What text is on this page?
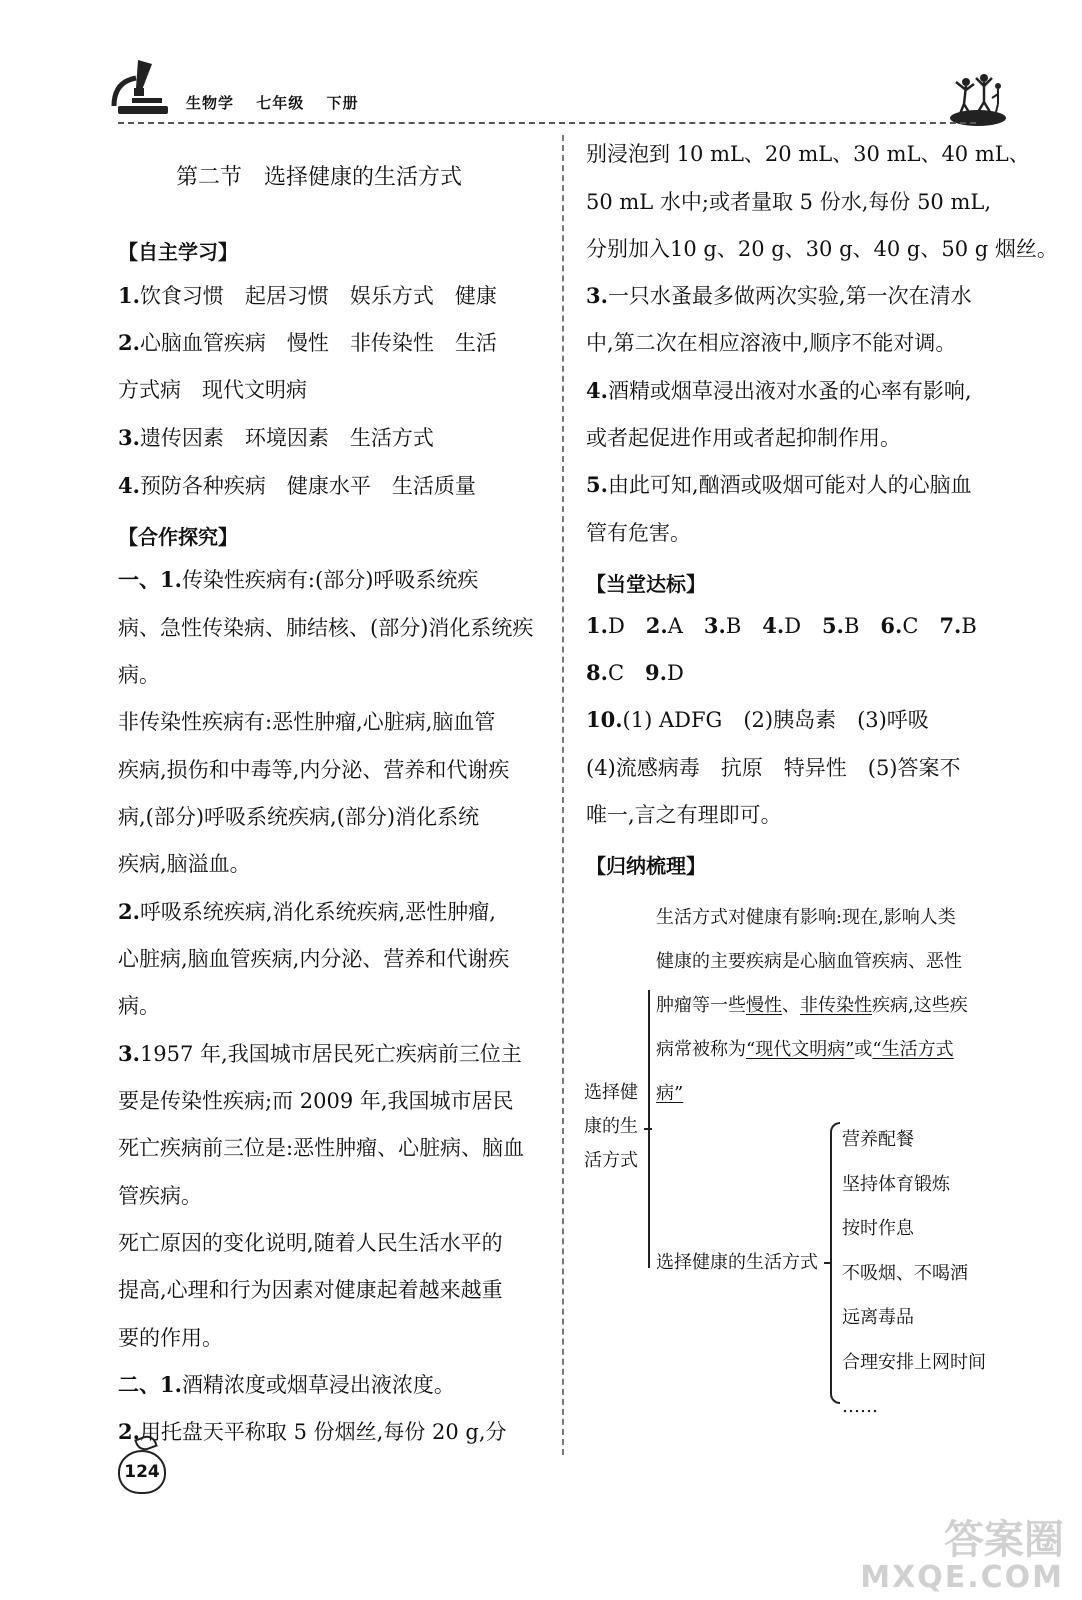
生物学 七年级 下册
第二节　选择健康的生活方式
【自主学习】
1.饮食习惯　起居习惯　娱乐方式　健康
2.心脑血管疾病　慢性　非传染性　生活
方式病　现代文明病
3.遗传因素　环境因素　生活方式
4.预防各种疾病　健康水平　生活质量
【合作探究】
一、1.传染性疾病有:(部分)呼吸系统疾
病、急性传染病、肺结核、(部分)消化系统疾
病。
非传染性疾病有:恶性肿瘤,心脏病,脑血管
疾病,损伤和中毒等,内分泌、营养和代谢疾
病,(部分)呼吸系统疾病,(部分)消化系统
疾病,脑溢血。
2.呼吸系统疾病,消化系统疾病,恶性肿瘤,
心脏病,脑血管疾病,内分泌、营养和代谢疾
病。
3.1957 年,我国城市居民死亡疾病前三位主
要是传染性疾病;而 2009 年,我国城市居民
死亡疾病前三位是:恶性肿瘤、心脏病、脑血
管疾病。
死亡原因的变化说明,随着人民生活水平的
提高,心理和行为因素对健康起着越来越重
要的作用。
二、1.酒精浓度或烟草浸出液浓度。
2.用托盘天平称取 5 份烟丝,每份 20 g,分
别浸泡到 10 mL、20 mL、30 mL、40 mL、
50 mL 水中;或者量取 5 份水,每份 50 mL,
分别加入10 g、20 g、30 g、40 g、50 g 烟丝。
3.一只水蚤最多做两次实验,第一次在清水
中,第二次在相应溶液中,顺序不能对调。
4.酒精或烟草浸出液对水蚤的心率有影响,
或者起促进作用或者起抑制作用。
5.由此可知,酗酒或吸烟可能对人的心脑血
管有危害。
【当堂达标】
1.D　 2.A　 3.B　 4.D　 5.B　 6.C　 7.B
8.C　 9.D
10.(1) ADFG　(2)胰岛素　(3)呼吸
(4)流感病毒　抗原　特异性　(5)答案不
唯一,言之有理即可。
【归纳梳理】
选择健
康的生
活方式
生活方式对健康有影响:现在,影响人类
健康的主要疾病是心脑血管疾病、恶性
肿瘤等一些慢性、非传染性疾病,这些疾
病常被称为“现代文明病”或“生活方式
病”
选择健康的生活方式
营养配餐
坚持体育锻炼
按时作息
不吸烟、不喝酒
远离毒品
合理安排上网时间
……
124
答案圈
MXQE.COM
